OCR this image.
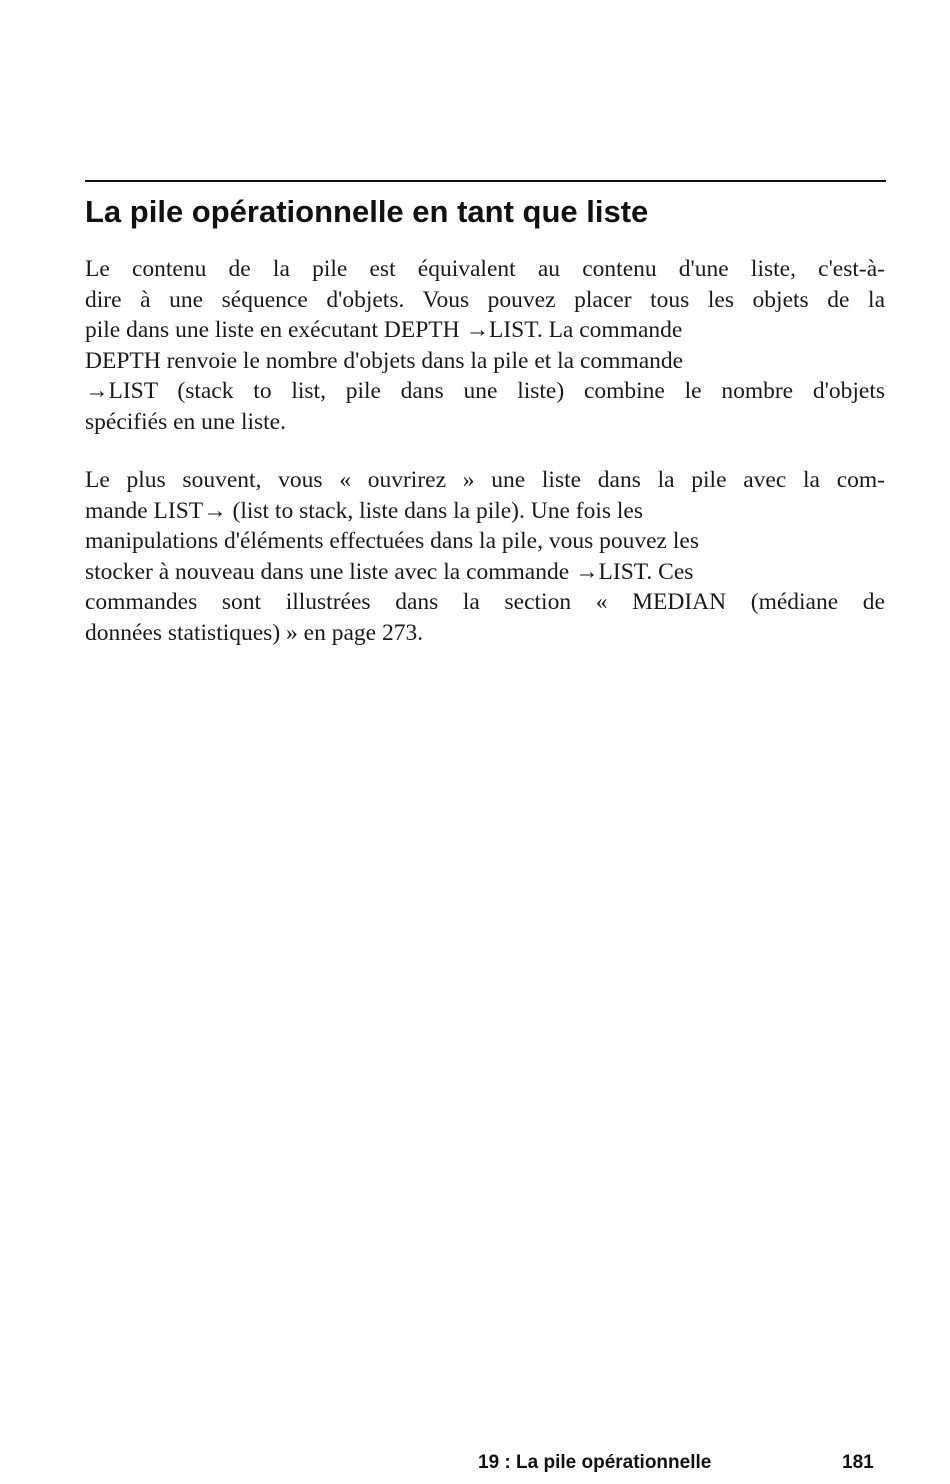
La pile opérationnelle en tant que liste
Le contenu de la pile est équivalent au contenu d'une liste, c'est-à-
dire à une séquence d'objets. Vous pouvez placer tous les objets de la
pile dans une liste en exécutant DEPTH →LIST. La commande
DEPTH renvoie le nombre d'objets dans la pile et la commande
→LIST (stack to list, pile dans une liste) combine le nombre d'objets
spécifiés en une liste.
Le plus souvent, vous « ouvrirez » une liste dans la pile avec la com-
mande LIST→ (list to stack, liste dans la pile). Une fois les
manipulations d'éléments effectuées dans la pile, vous pouvez les
stocker à nouveau dans une liste avec la commande →LIST. Ces
commandes sont illustrées dans la section « MEDIAN (médiane de
données statistiques) » en page 273.
19 : La pile opérationnelle	181
